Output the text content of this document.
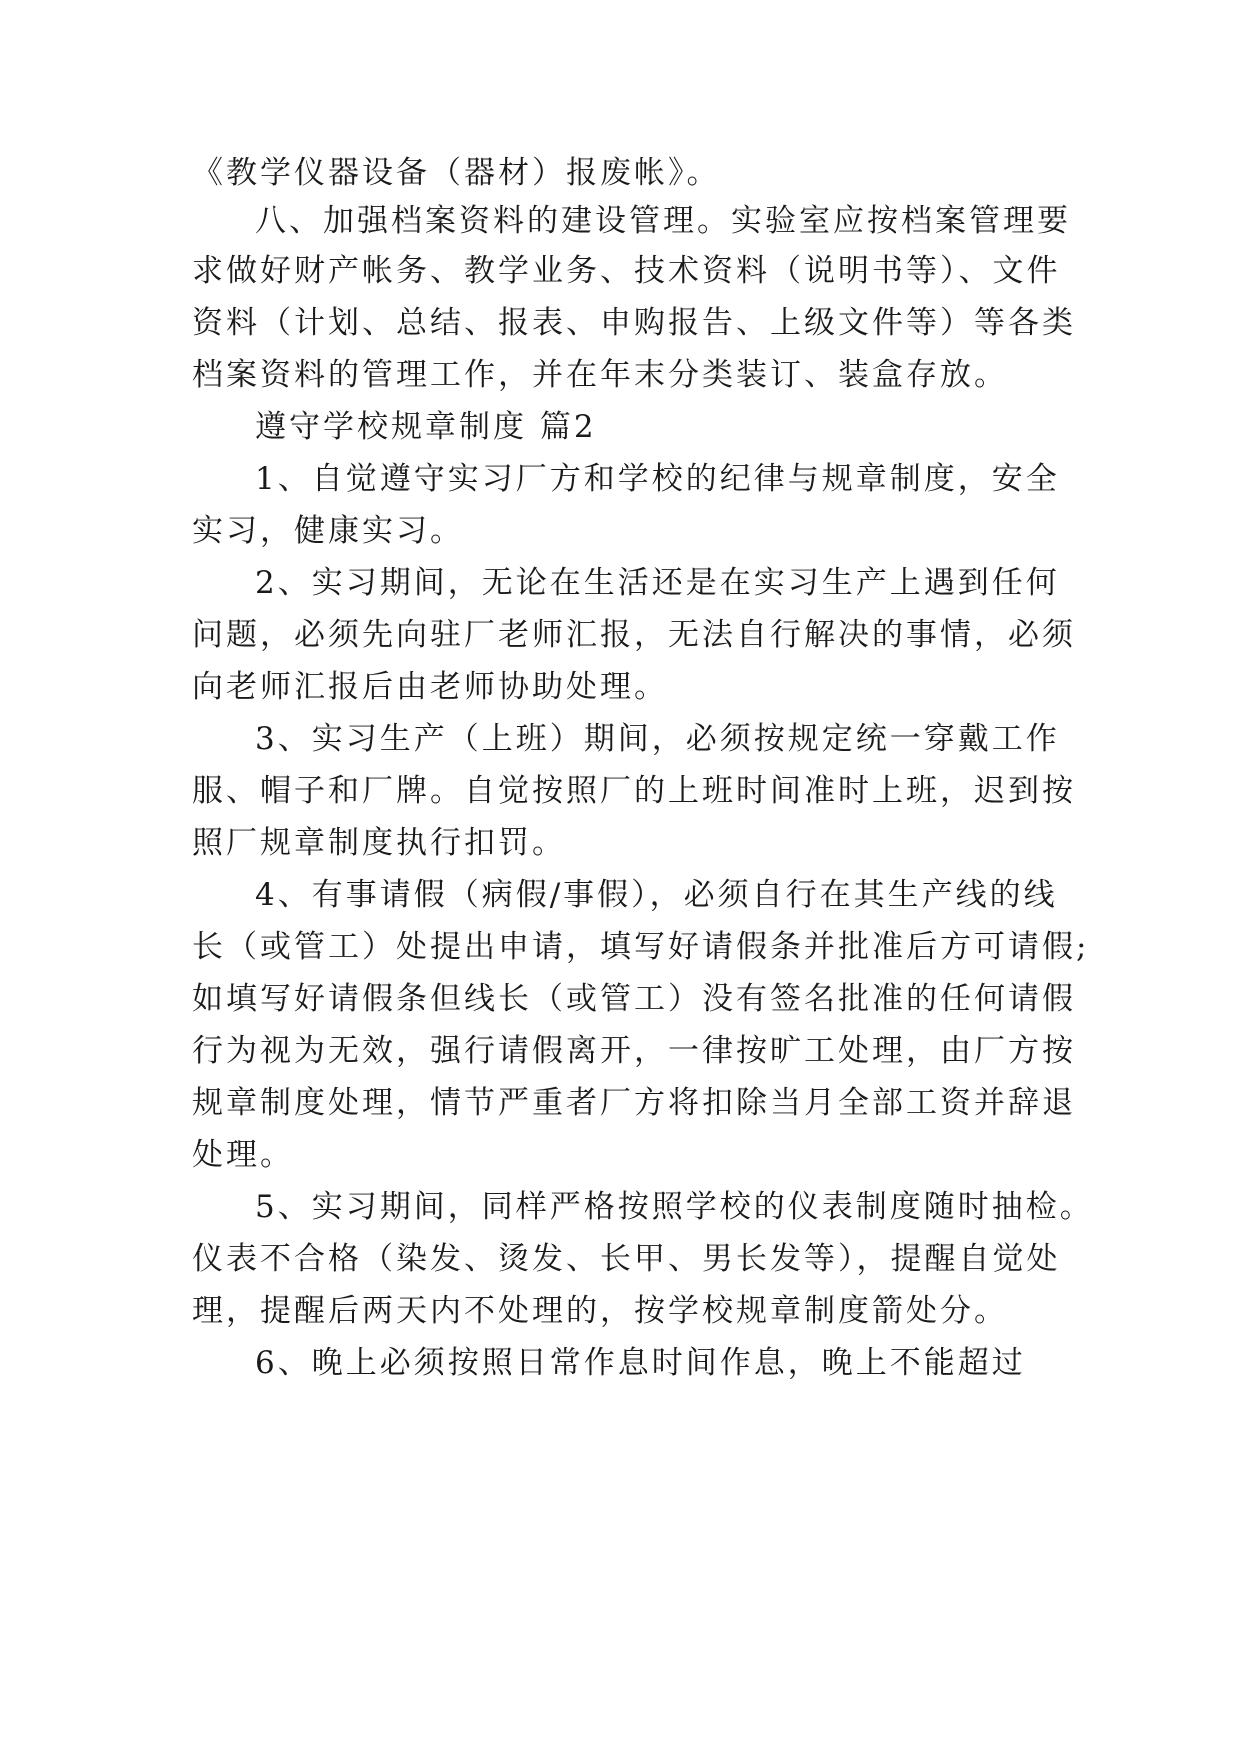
《教学仪器设备（器材）报废帐》。
八、加强档案资料的建设管理。实验室应按档案管理要
求做好财产帐务、教学业务、技术资料（说明书等）、文件
资料（计划、总结、报表、申购报告、上级文件等）等各类
档案资料的管理工作，并在年末分类装订、装盒存放。
遵守学校规章制度 篇2
1、自觉遵守实习厂方和学校的纪律与规章制度，安全
实习，健康实习。
2、实习期间，无论在生活还是在实习生产上遇到任何
问题，必须先向驻厂老师汇报，无法自行解决的事情，必须
向老师汇报后由老师协助处理。
3、实习生产（上班）期间，必须按规定统一穿戴工作
服、帽子和厂牌。自觉按照厂的上班时间准时上班，迟到按
照厂规章制度执行扣罚。
4、有事请假（病假/事假），必须自行在其生产线的线
长（或管工）处提出申请，填写好请假条并批准后方可请假;
如填写好请假条但线长（或管工）没有签名批准的任何请假
行为视为无效，强行请假离开，一律按旷工处理，由厂方按
规章制度处理，情节严重者厂方将扣除当月全部工资并辞退
处理。
5、实习期间，同样严格按照学校的仪表制度随时抽检。
仪表不合格（染发、烫发、长甲、男长发等），提醒自觉处
理，提醒后两天内不处理的，按学校规章制度箭处分。
6、晚上必须按照日常作息时间作息，晚上不能超过
